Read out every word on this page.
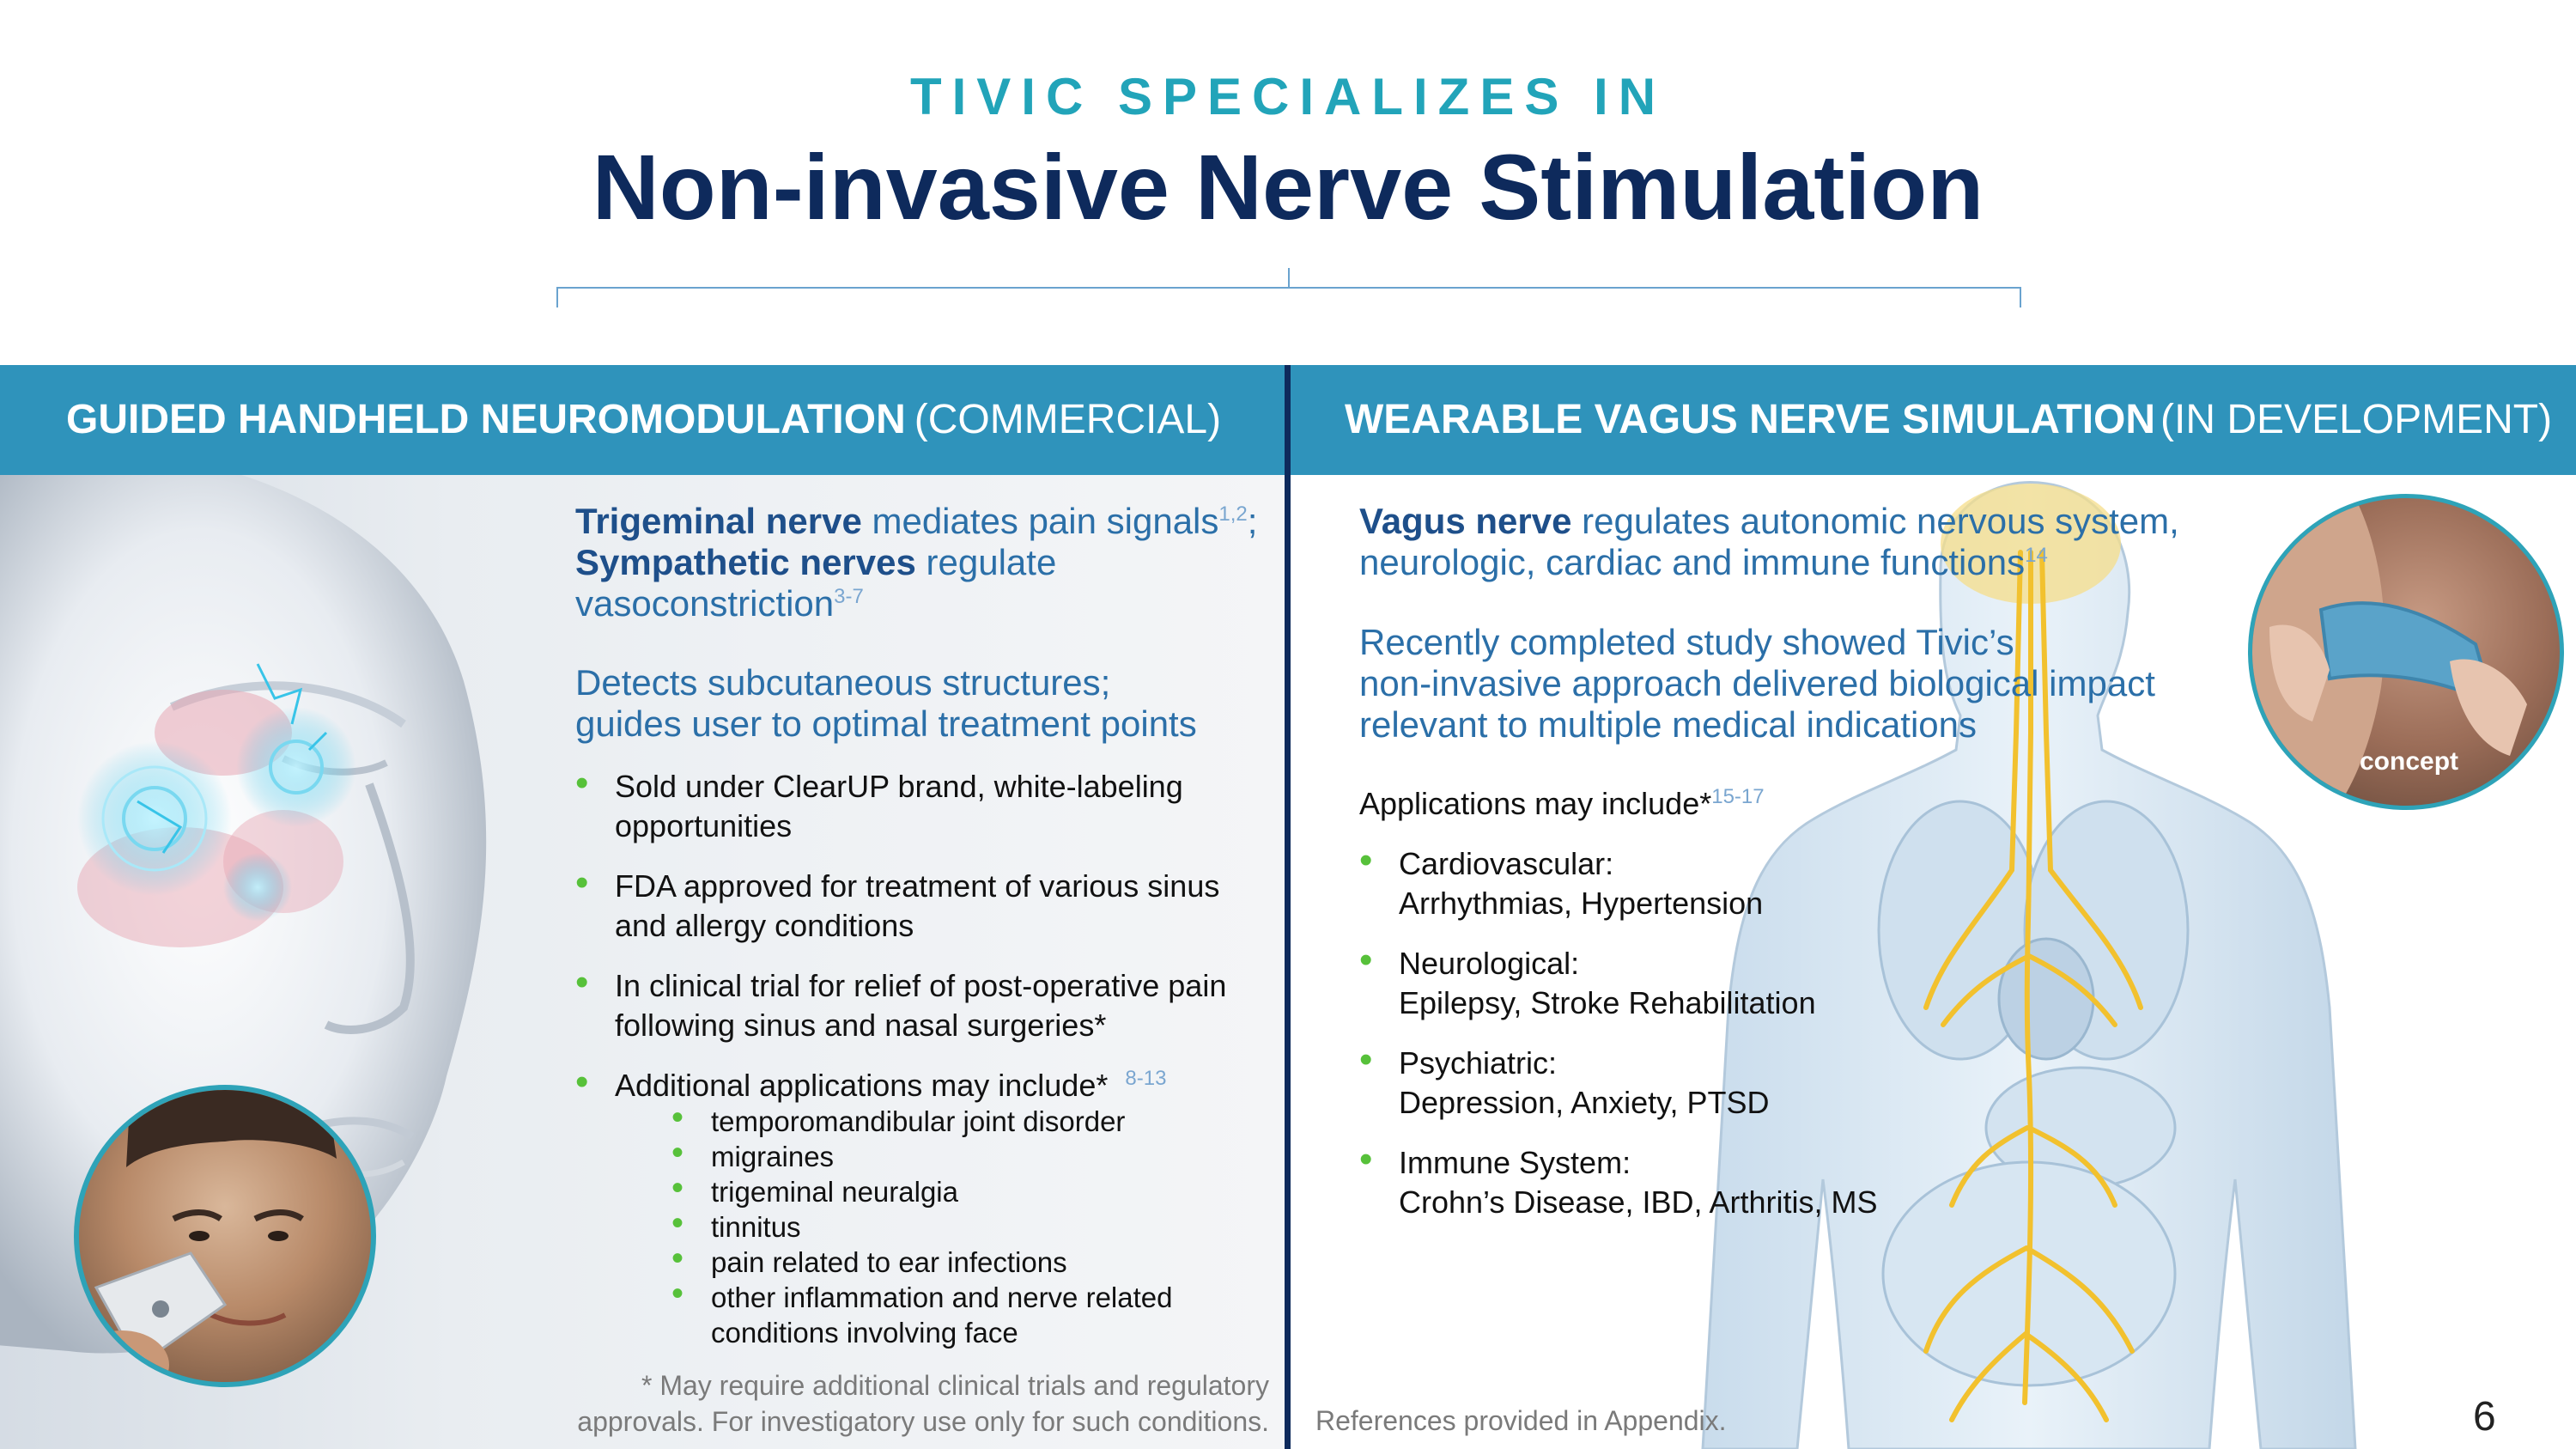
TIVIC SPECIALIZES IN
Non-invasive Nerve Stimulation
GUIDED HANDHELD NEUROMODULATION (COMMERCIAL)	WEARABLE VAGUS NERVE SIMULATION (IN DEVELOPMENT)
Trigeminal nerve mediates pain signals$^{1,2}$;
Sympathetic nerves regulate
vasoconstriction$^{3-7}$
Detects subcutaneous structures;
guides user to optimal treatment points
• Sold under ClearUP brand, white-labeling opportunities
• FDA approved for treatment of various sinus and allergy conditions
• In clinical trial for relief of post-operative pain following sinus and nasal surgeries*
• Additional applications may include* $^{8-13}$
• temporomandibular joint disorder
• migraines
• trigeminal neuralgia
• tinnitus
• pain related to ear infections
• other inflammation and nerve related conditions involving face
* May require additional clinical trials and regulatory
approvals. For investigatory use only for such conditions.
Vagus nerve regulates autonomic nervous system,
neurologic, cardiac and immune functions$^{14}$
Recently completed study showed Tivic’s
non-invasive approach delivered biological impact
relevant to multiple medical indications
Applications may include*$^{15-17}$
• Cardiovascular:
Arrhythmias, Hypertension
• Neurological:
Epilepsy, Stroke Rehabilitation
• Psychiatric:
Depression, Anxiety, PTSD
• Immune System:
Crohn’s Disease, IBD, Arthritis, MS
concept
References provided in Appendix.	6
